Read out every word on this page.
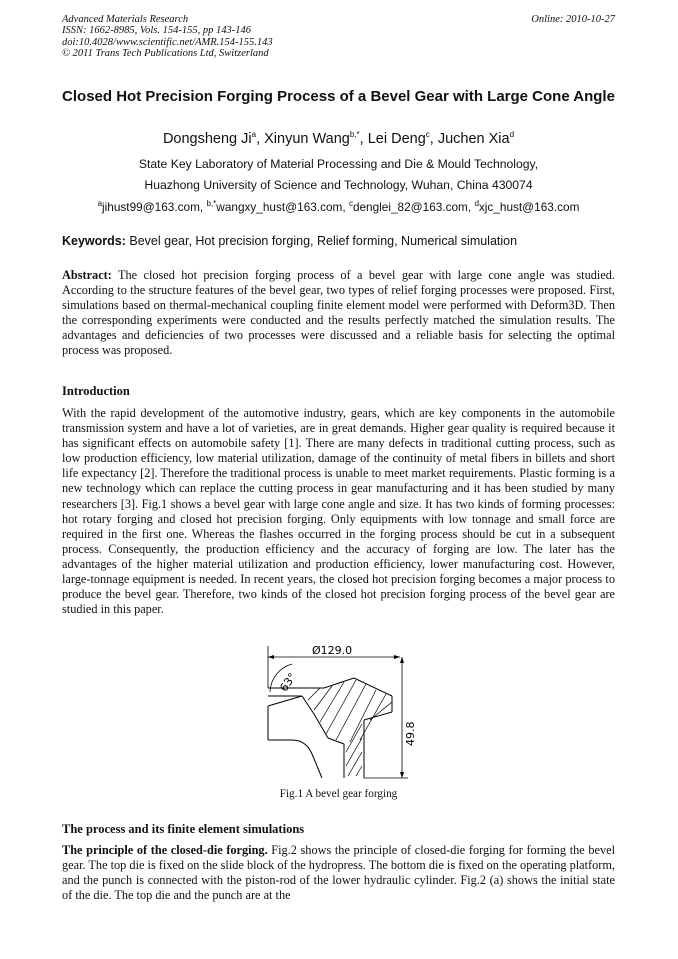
Advanced Materials Research
ISSN: 1662-8985, Vols. 154-155, pp 143-146
doi:10.4028/www.scientific.net/AMR.154-155.143
© 2011 Trans Tech Publications Ltd, Switzerland
Online: 2010-10-27
Closed Hot Precision Forging Process of a Bevel Gear with Large Cone Angle
Dongsheng Ji$^a$, Xinyun Wang$^{b,*}$, Lei Deng$^c$, Juchen Xia$^d$
State Key Laboratory of Material Processing and Die & Mould Technology,
Huazhong University of Science and Technology, Wuhan, China 430074
$^a$jihust99@163.com, $^{b,*}$wangxy_hust@163.com, $^c$denglei_82@163.com, $^d$xjc_hust@163.com
Keywords: Bevel gear, Hot precision forging, Relief forming, Numerical simulation

Abstract: The closed hot precision forging process of a bevel gear with large cone angle was studied. According to the structure features of the bevel gear, two types of relief forging processes were proposed. First, simulations based on thermal-mechanical coupling finite element model were performed with Deform3D. Then the corresponding experiments were conducted and the results perfectly matched the simulation results. The advantages and deficiencies of two processes were discussed and a reliable basis for selecting the optimal process was proposed.

Introduction

With the rapid development of the automotive industry, gears, which are key components in the automobile transmission system and have a lot of varieties, are in great demands. Higher gear quality is required because it has significant effects on automobile safety [1]. There are many defects in traditional cutting process, such as low production efficiency, low material utilization, damage of the continuity of metal fibers in billets and short life expectancy [2]. Therefore the traditional process is unable to meet market requirements. Plastic forming is a new technology which can replace the cutting process in gear manufacturing and it has been studied by many researchers [3]. Fig.1 shows a bevel gear with large cone angle and size. It has two kinds of forming processes: hot rotary forging and closed hot precision forging. Only equipments with low tonnage and small force are required in the first one. Whereas the flashes occurred in the forging process should be cut in a subsequent process. Consequently, the production efficiency and the accuracy of forging are low. The later has the advantages of the higher material utilization and production efficiency, lower manufacturing cost. However, large-tonnage equipment is needed. In recent years, the closed hot precision forging becomes a major process to produce the bevel gear. Therefore, two kinds of the closed hot precision forging process of the bevel gear are studied in this paper.

Ø129.0
63°
49.8
Fig.1 A bevel gear forging
The process and its finite element simulations

The principle of the closed-die forging. Fig.2 shows the principle of closed-die forging for forming the bevel gear. The top die is fixed on the slide block of the hydropress. The bottom die is fixed on the operating platform, and the punch is connected with the piston-rod of the lower hydraulic cylinder. Fig.2 (a) shows the initial state of the die. The top die and the punch are at the
